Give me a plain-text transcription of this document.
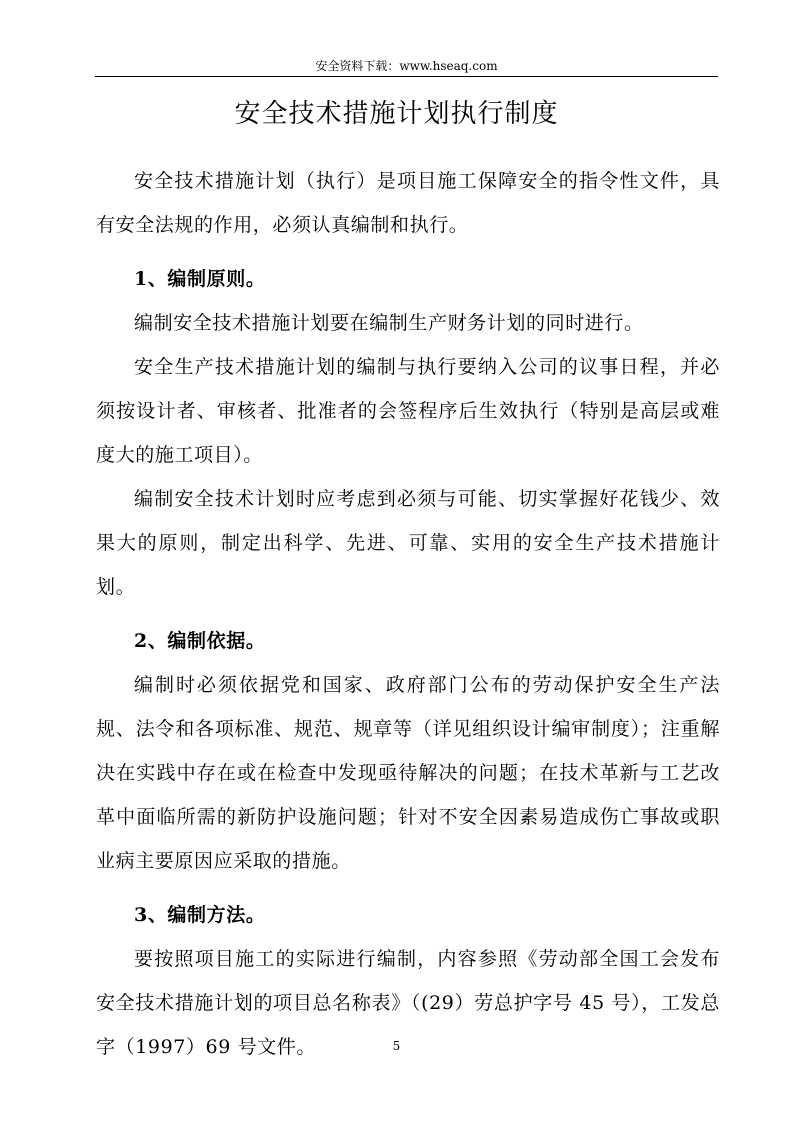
安全资料下载：www.hseaq.com
安全技术措施计划执行制度

安全技术措施计划（执行）是项目施工保障安全的指令性文件，具有安全法规的作用，必须认真编制和执行。

1、编制原则。

编制安全技术措施计划要在编制生产财务计划的同时进行。

安全生产技术措施计划的编制与执行要纳入公司的议事日程，并必须按设计者、审核者、批准者的会签程序后生效执行（特别是高层或难度大的施工项目）。

编制安全技术计划时应考虑到必须与可能、切实掌握好花钱少、效果大的原则，制定出科学、先进、可靠、实用的安全生产技术措施计划。

2、编制依据。

编制时必须依据党和国家、政府部门公布的劳动保护安全生产法规、法令和各项标准、规范、规章等（详见组织设计编审制度）；注重解决在实践中存在或在检查中发现亟待解决的问题；在技术革新与工艺改革中面临所需的新防护设施问题；针对不安全因素易造成伤亡事故或职业病主要原因应采取的措施。

3、编制方法。

要按照项目施工的实际进行编制，内容参照《劳动部全国工会发布安全技术措施计划的项目总名称表》（(29）劳总护字号 45 号），工发总字（1997）69 号文件。	5
